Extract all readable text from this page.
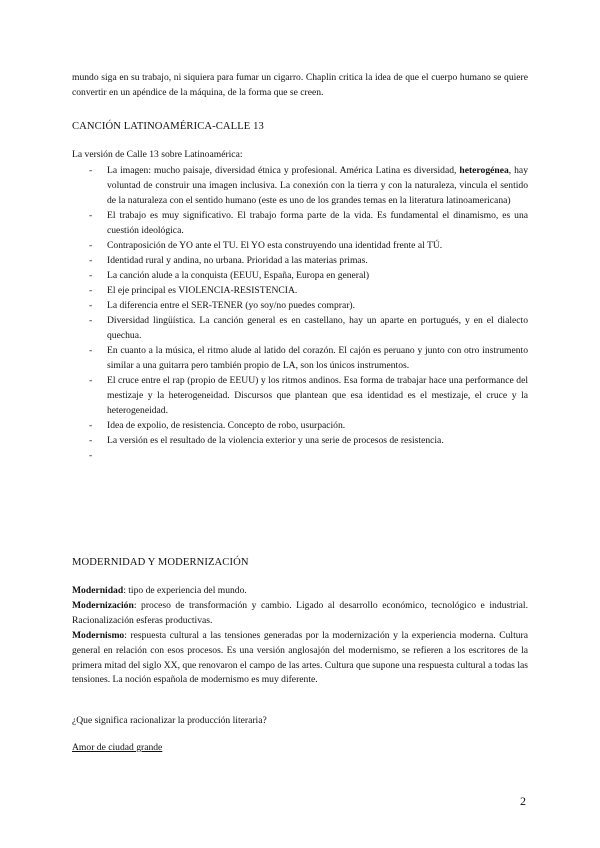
mundo siga en su trabajo, ni siquiera para fumar un cigarro. Chaplin critica la idea de que el cuerpo humano se quiere convertir en un apéndice de la máquina, de la forma que se creen.

CANCIÓN LATINOAMÉRICA-CALLE 13

La versión de Calle 13 sobre Latinoamérica:

- La imagen: mucho paisaje, diversidad étnica y profesional. América Latina es diversidad, heterogénea, hay voluntad de construir una imagen inclusiva. La conexión con la tierra y con la naturaleza, vincula el sentido de la naturaleza con el sentido humano (este es uno de los grandes temas en la literatura latinoamericana)
- El trabajo es muy significativo. El trabajo forma parte de la vida. Es fundamental el dinamismo, es una cuestión ideológica.
- Contraposición de YO ante el TU. El YO esta construyendo una identidad frente al TÚ.
- Identidad rural y andina, no urbana. Prioridad a las materias primas.
- La canción alude a la conquista (EEUU, España, Europa en general)
- El eje principal es VIOLENCIA-RESISTENCIA.
- La diferencia entre el SER-TENER (yo soy/no puedes comprar).
- Diversidad lingüística. La canción general es en castellano, hay un aparte en portugués, y en el dialecto quechua.
- En cuanto a la música, el ritmo alude al latido del corazón. El cajón es peruano y junto con otro instrumento similar a una guitarra pero también propio de LA, son los únicos instrumentos.
- El cruce entre el rap (propio de EEUU) y los ritmos andinos. Esa forma de trabajar hace una performance del mestizaje y la heterogeneidad. Discursos que plantean que esa identidad es el mestizaje, el cruce y la heterogeneidad.
- Idea de expolio, de resistencia. Concepto de robo, usurpación.
- La versión es el resultado de la violencia exterior y una serie de procesos de resistencia.
-

MODERNIDAD Y MODERNIZACIÓN

Modernidad: tipo de experiencia del mundo.
Modernización: proceso de transformación y cambio. Ligado al desarrollo económico, tecnológico e industrial. Racionalización esferas productivas.
Modernismo: respuesta cultural a las tensiones generadas por la modernización y la experiencia moderna. Cultura general en relación con esos procesos. Es una versión anglosajón del modernismo, se refieren a los escritores de la primera mitad del siglo XX, que renovaron el campo de las artes. Cultura que supone una respuesta cultural a todas las tensiones. La noción española de modernismo es muy diferente.

¿Que significa racionalizar la producción literaria?

Amor de ciudad grande

2
